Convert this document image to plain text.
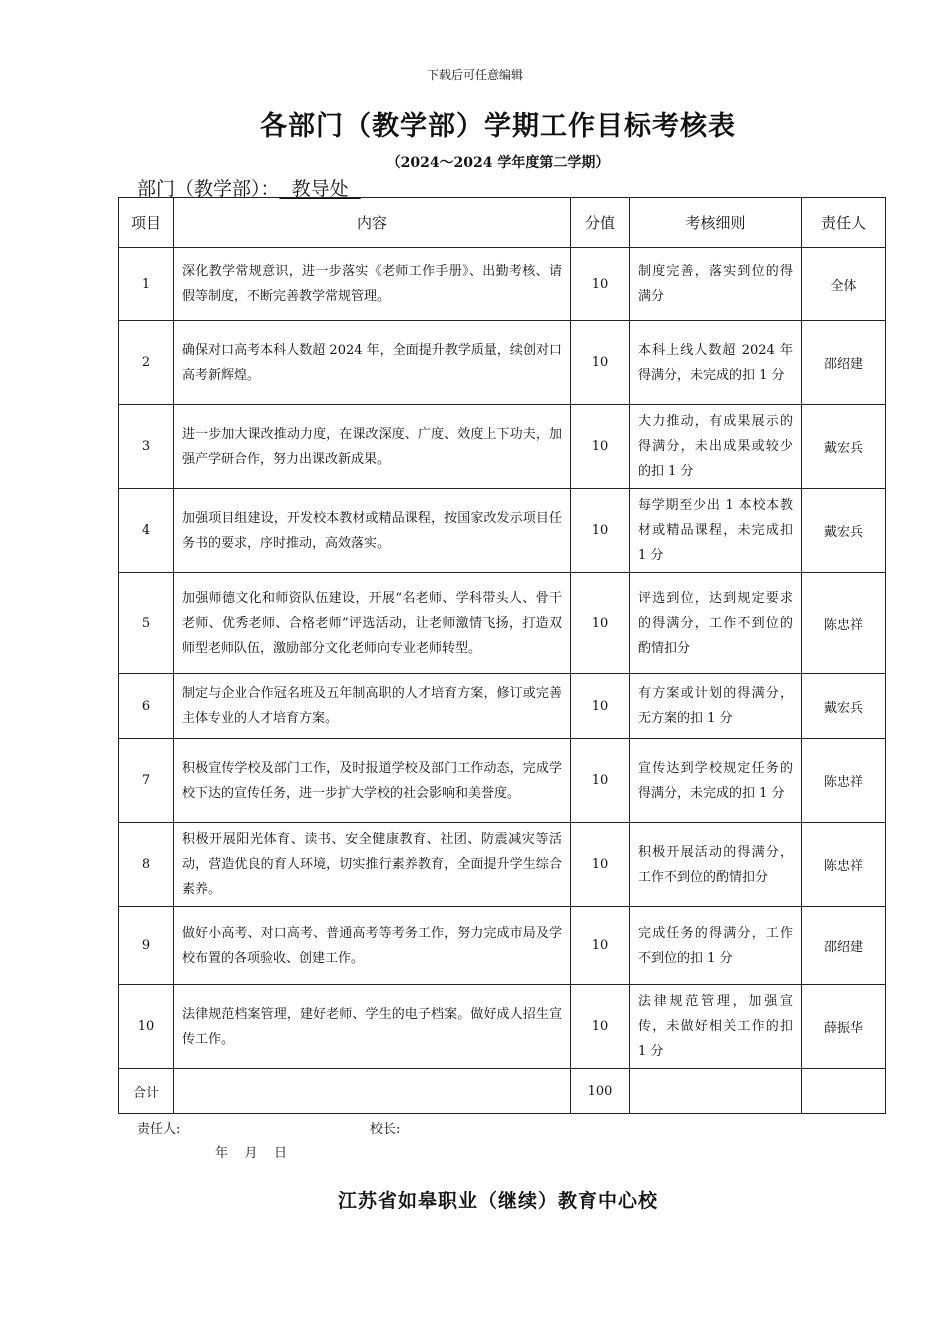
下载后可任意编辑
各部门（教学部）学期工作目标考核表
（2024～2024 学年度第二学期）
部门（教学部）：  教导处
项目	内容	分值	考核细则	责任人
1	深化教学常规意识，进一步落实《老师工作手册》、出勤考核、请假等制度，不断完善教学常规管理。	10	制度完善，落实到位的得满分	全体
2	确保对口高考本科人数超 2024 年，全面提升教学质量，续创对口高考新辉煌。	10	本科上线人数超 2024 年得满分，未完成的扣 1 分	邵绍建
3	进一步加大课改推动力度，在课改深度、广度、效度上下功夫，加强产学研合作，努力出课改新成果。	10	大力推动，有成果展示的得满分，未出成果或较少的扣 1 分	戴宏兵
4	加强项目组建设，开发校本教材或精品课程，按国家改发示项目任务书的要求，序时推动，高效落实。	10	每学期至少出 1 本校本教材或精品课程，未完成扣 1 分	戴宏兵
5	加强师德文化和师资队伍建设，开展“名老师、学科带头人、骨干老师、优秀老师、合格老师”评选活动，让老师激情飞扬，打造双师型老师队伍，激励部分文化老师向专业老师转型。	10	评选到位，达到规定要求的得满分，工作不到位的酌情扣分	陈忠祥
6	制定与企业合作冠名班及五年制高职的人才培育方案，修订或完善主体专业的人才培育方案。	10	有方案或计划的得满分，无方案的扣 1 分	戴宏兵
7	积极宣传学校及部门工作，及时报道学校及部门工作动态，完成学校下达的宣传任务，进一步扩大学校的社会影响和美誉度。	10	宣传达到学校规定任务的得满分，未完成的扣 1 分	陈忠祥
8	积极开展阳光体育、读书、安全健康教育、社团、防震减灾等活动，营造优良的育人环境，切实推行素养教育，全面提升学生综合素养。	10	积极开展活动的得满分，工作不到位的酌情扣分	陈忠祥
9	做好小高考、对口高考、普通高考等考务工作，努力完成市局及学校布置的各项验收、创建工作。	10	完成任务的得满分，工作不到位的扣 1 分	邵绍建
10	法律规范档案管理，建好老师、学生的电子档案。做好成人招生宣传工作。	10	法律规范管理，加强宣传，未做好相关工作的扣 1 分	薛振华
合计		100		
责任人:	校长:
年    月    日
江苏省如皋职业（继续）教育中心校
